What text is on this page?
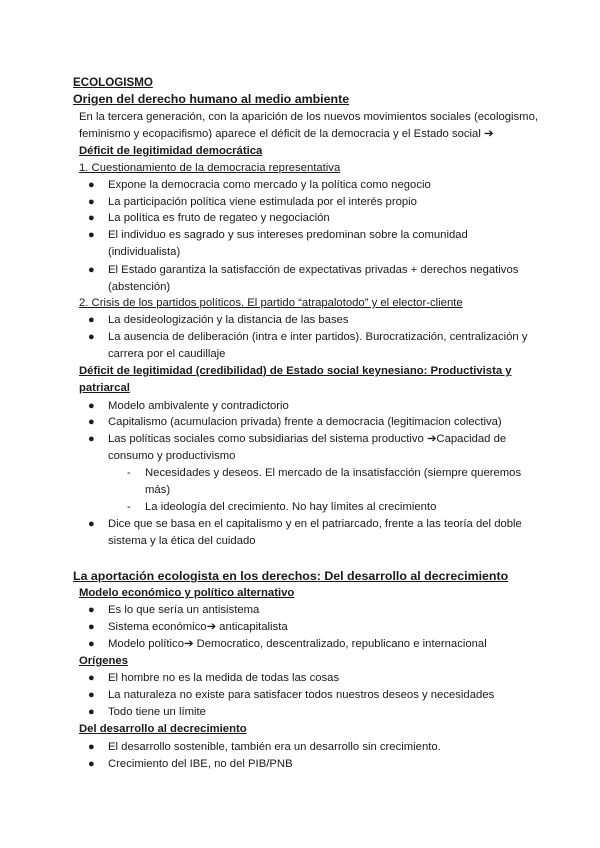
ECOLOGISMO
Origen del derecho humano al medio ambiente
En la tercera generación, con la aparición de los nuevos movimientos sociales (ecologismo,
feminismo y ecopacifismo) aparece el déficit de la democracia y el Estado social ➔
Déficit de legitimidad democrática
1. Cuestionamiento de la democracia representativa
● Expone la democracia como mercado y la política como negocio
● La participación política viene estimulada por el interés propio
● La política es fruto de regateo y negociación
● El individuo es sagrado y sus intereses predominan sobre la comunidad
(individualista)
● El Estado garantiza la satisfacción de expectativas privadas + derechos negativos
(abstención)
2. Crisis de los partidos políticos. El partido “atrapalotodo” y el elector-cliente
● La desideologización y la distancia de las bases
● La ausencia de deliberación (intra e inter partidos). Burocratización, centralización y
carrera por el caudillaje
Déficit de legitimidad (credibilidad) de Estado social keynesiano: Productivista y
patriarcal
● Modelo ambivalente y contradictorio
● Capitalismo (acumulacion privada) frente a democracia (legitimacion colectiva)
● Las políticas sociales como subsidiarias del sistema productivo ➔Capacidad de
consumo y productivismo
- Necesidades y deseos. El mercado de la insatisfacción (siempre queremos
más)
- La ideología del crecimiento. No hay límites al crecimiento
● Dice que se basa en el capitalismo y en el patriarcado, frente a las teoría del doble
sistema y la ética del cuidado
La aportación ecologista en los derechos: Del desarrollo al decrecimiento
Modelo económico y político alternativo
● Es lo que sería un antisistema
● Sistema económico➔ anticapitalista
● Modelo político➔ Democratico, descentralizado, republicano e internacional
Orígenes
● El hombre no es la medida de todas las cosas
● La naturaleza no existe para satisfacer todos nuestros deseos y necesidades
● Todo tiene un límite
Del desarrollo al decrecimiento
● El desarrollo sostenible, también era un desarrollo sin crecimiento.
● Crecimiento del IBE, no del PIB/PNB
